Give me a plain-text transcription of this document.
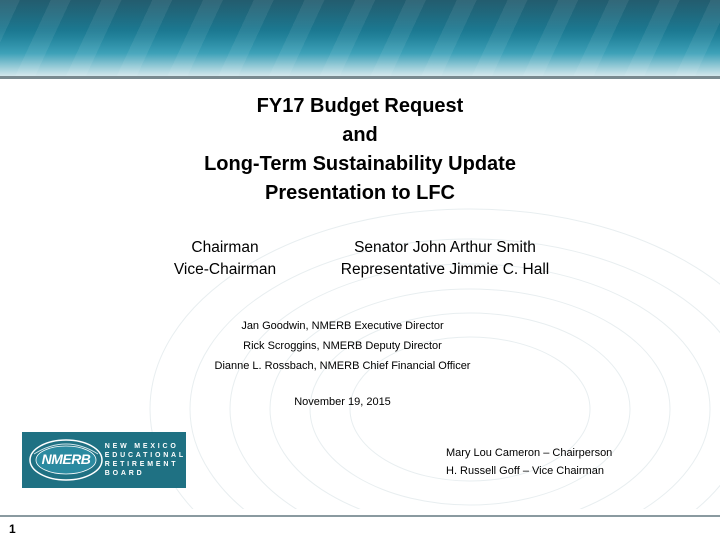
FY17 Budget Request
and
Long-Term Sustainability Update
Presentation to LFC
Chairman	Senator John Arthur Smith
Vice-Chairman	Representative Jimmie C. Hall
Jan Goodwin, NMERB Executive Director
Rick Scroggins, NMERB Deputy Director
Dianne L. Rossbach, NMERB Chief Financial Officer
November 19, 2015
NMERB
NEW MEXICO
EDUCATIONAL
RETIREMENT
BOARD
Mary Lou Cameron – Chairperson
H. Russell Goff – Vice Chairman
1
